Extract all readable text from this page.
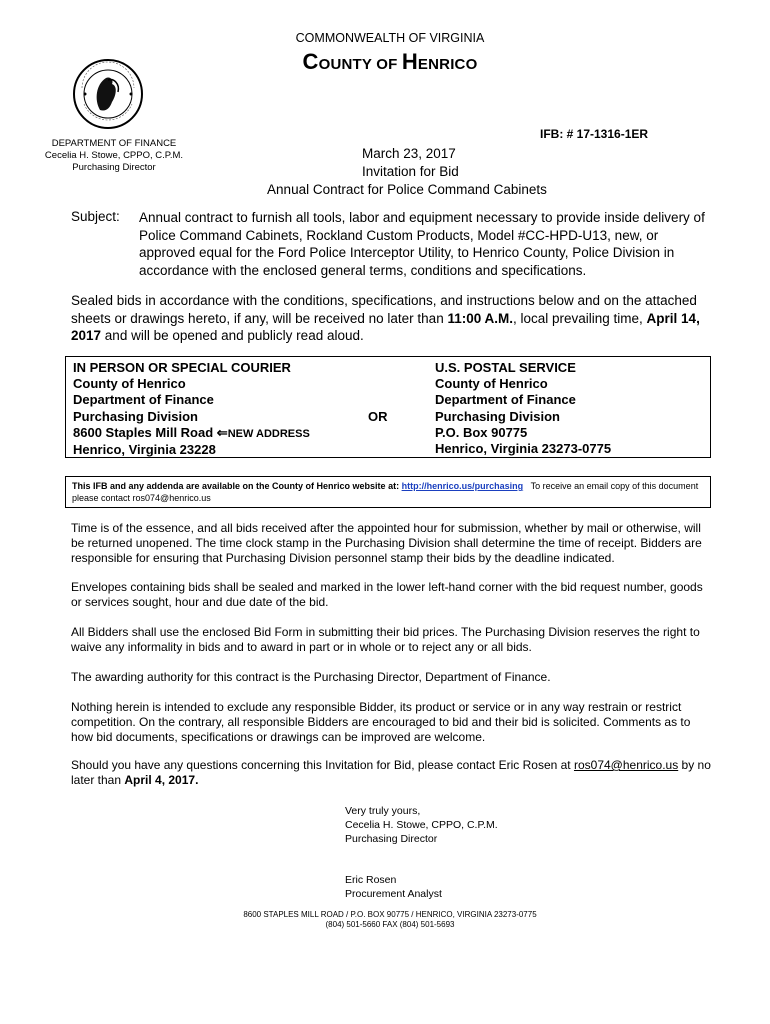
COMMONWEALTH OF VIRGINIA
COUNTY OF HENRICO
DEPARTMENT OF FINANCE
Cecelia H. Stowe, CPPO, C.P.M.
Purchasing Director
IFB: # 17-1316-1ER
March 23, 2017
Invitation for Bid
Annual Contract for Police Command Cabinets
Subject: Annual contract to furnish all tools, labor and equipment necessary to provide inside delivery of Police Command Cabinets, Rockland Custom Products, Model #CC-HPD-U13, new, or approved equal for the Ford Police Interceptor Utility, to Henrico County, Police Division in accordance with the enclosed general terms, conditions and specifications.
Sealed bids in accordance with the conditions, specifications, and instructions below and on the attached sheets or drawings hereto, if any, will be received no later than 11:00 A.M., local prevailing time, April 14, 2017 and will be opened and publicly read aloud.
IN PERSON OR SPECIAL COURIER
County of Henrico
Department of Finance
Purchasing Division
8600 Staples Mill Road ⇐NEW ADDRESS
Henrico, Virginia 23228
OR
U.S. POSTAL SERVICE
County of Henrico
Department of Finance
Purchasing Division
P.O. Box 90775
Henrico, Virginia 23273-0775
This IFB and any addenda are available on the County of Henrico website at: http://henrico.us/purchasing To receive an email copy of this document please contact ros074@henrico.us
Time is of the essence, and all bids received after the appointed hour for submission, whether by mail or otherwise, will be returned unopened. The time clock stamp in the Purchasing Division shall determine the time of receipt. Bidders are responsible for ensuring that Purchasing Division personnel stamp their bids by the deadline indicated.
Envelopes containing bids shall be sealed and marked in the lower left-hand corner with the bid request number, goods or services sought, hour and due date of the bid.
All Bidders shall use the enclosed Bid Form in submitting their bid prices. The Purchasing Division reserves the right to waive any informality in bids and to award in part or in whole or to reject any or all bids.
The awarding authority for this contract is the Purchasing Director, Department of Finance.
Nothing herein is intended to exclude any responsible Bidder, its product or service or in any way restrain or restrict competition. On the contrary, all responsible Bidders are encouraged to bid and their bid is solicited. Comments as to how bid documents, specifications or drawings can be improved are welcome.
Should you have any questions concerning this Invitation for Bid, please contact Eric Rosen at ros074@henrico.us by no later than April 4, 2017.
Very truly yours,
Cecelia H. Stowe, CPPO, C.P.M.
Purchasing Director
Eric Rosen
Procurement Analyst
8600 STAPLES MILL ROAD / P.O. BOX 90775 / HENRICO, VIRGINIA 23273-0775
(804) 501-5660 FAX (804) 501-5693
